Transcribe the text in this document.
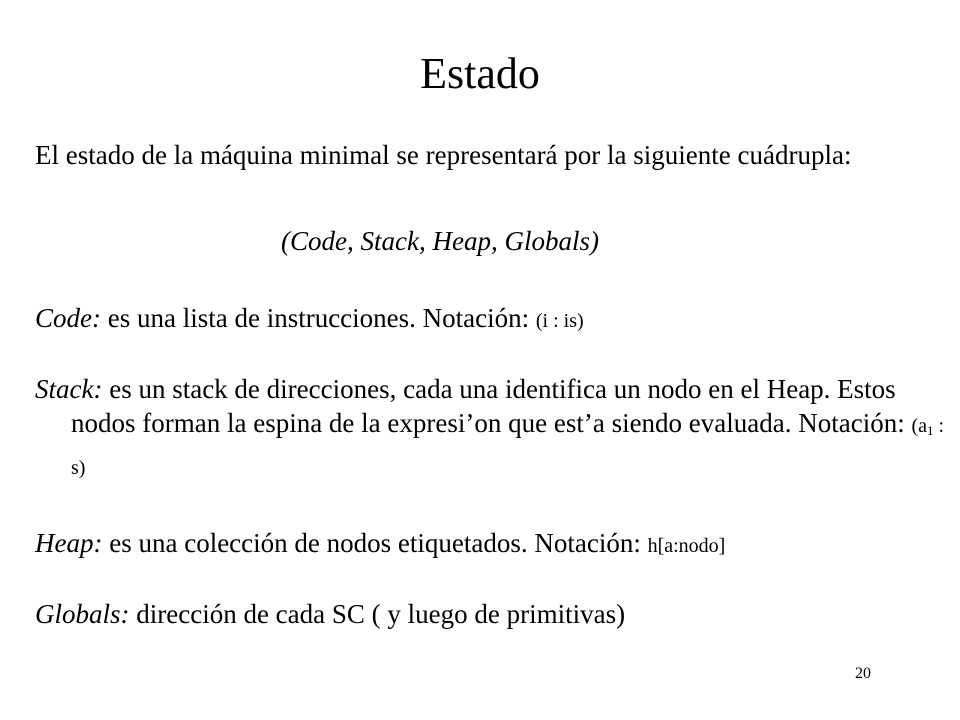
Estado
El estado de la máquina minimal se representará por la siguiente cuádrupla:
(Code, Stack, Heap, Globals)
Code: es una lista de instrucciones. Notación: (i : is)
Stack: es un stack de direcciones, cada una identifica un nodo en el Heap. Estos nodos forman la espina de la expresi’on que est’a siendo evaluada. Notación: ($a_1$ : s)
Heap: es una colección de nodos etiquetados. Notación: h[a:nodo]
Globals: dirección de cada SC ( y luego de primitivas)
20
